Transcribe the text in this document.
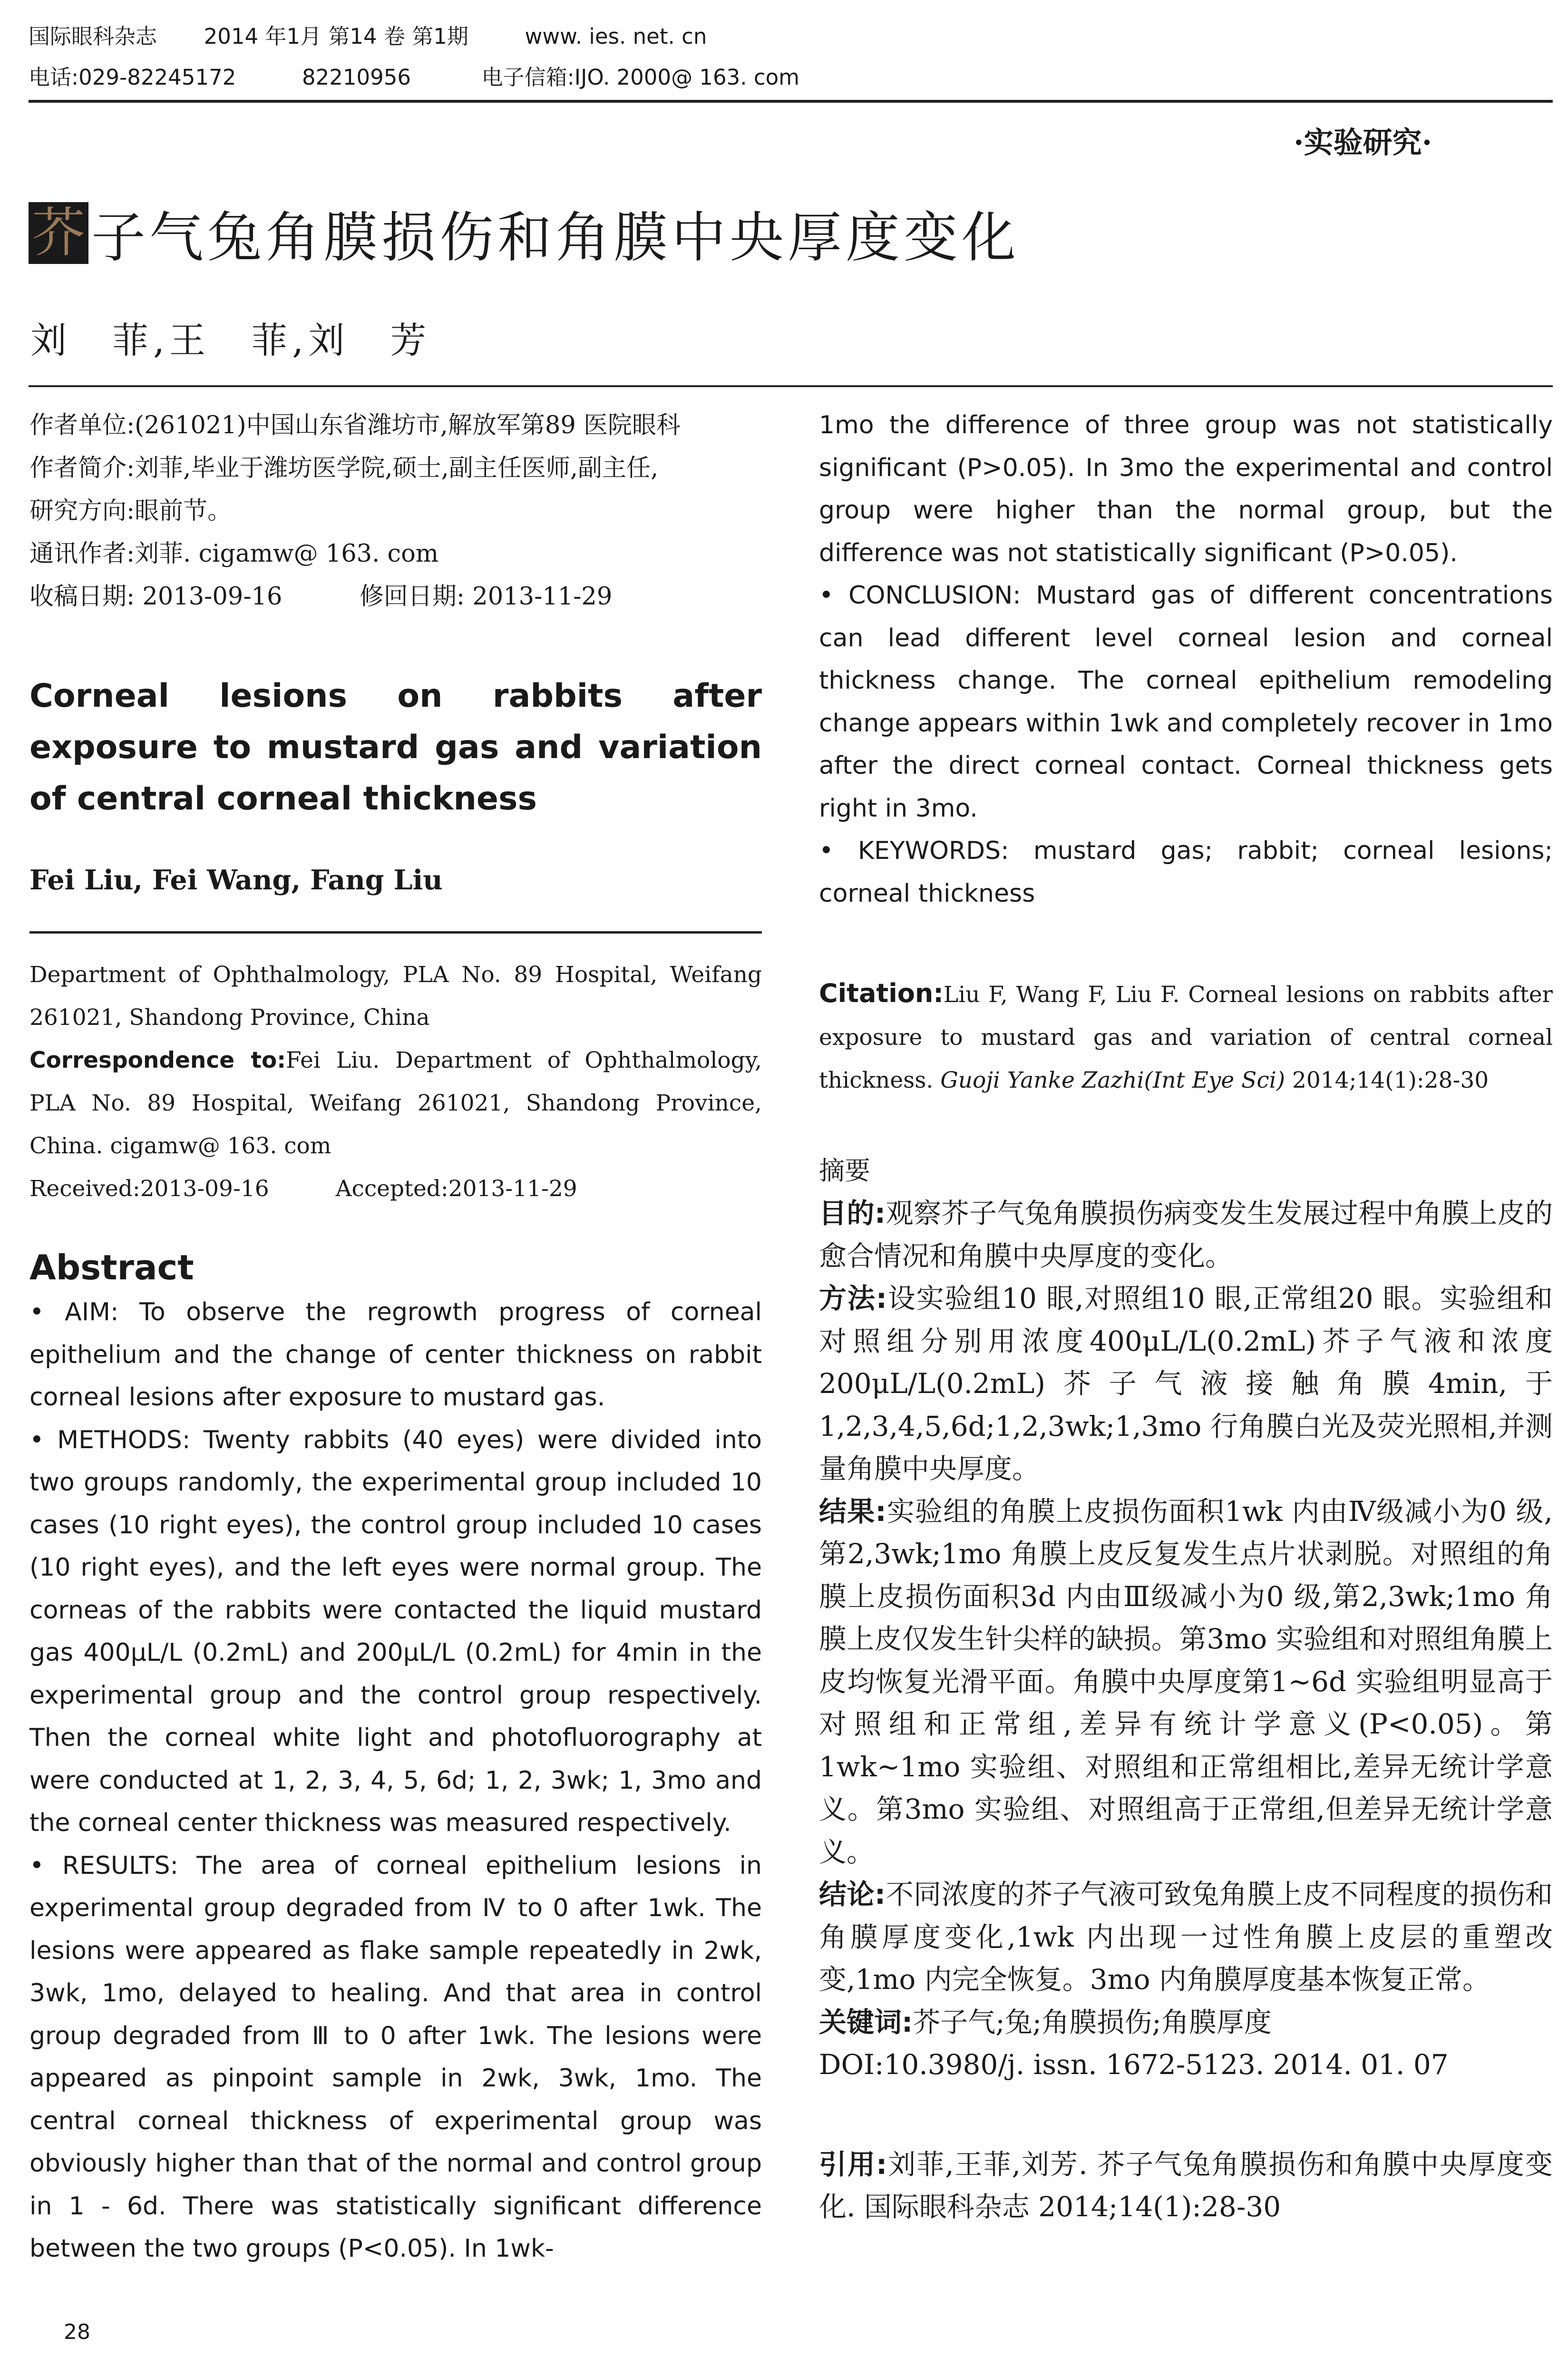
国际眼科杂志 2014 年1月 第14 卷 第1期	www. ies. net. cn
电话:029-82245172	82210956	电子信箱:IJO. 2000@ 163. com
·实验研究·
芥 子气兔角膜损伤和角膜中央厚度变化
刘　菲,王　菲,刘　芳
作者单位:(261021)中国山东省潍坊市,解放军第89 医院眼科
作者简介:刘菲,毕业于潍坊医学院,硕士,副主任医师,副主任,
研究方向:眼前节。
通讯作者:刘菲. cigamw@ 163. com
收稿日期: 2013-09-16	修回日期: 2013-11-29
Corneal lesions on rabbits after exposure to mustard gas and variation of central corneal thickness
Fei Liu, Fei Wang, Fang Liu

Department of Ophthalmology, PLA No. 89 Hospital, Weifang 261021, Shandong Province, China

Correspondence to:Fei Liu. Department of Ophthalmology, PLA No. 89 Hospital, Weifang 261021, Shandong Province, China. cigamw@ 163. com

Received:2013-09-16	Accepted:2013-11-29
Abstract

• AIM: To observe the regrowth progress of corneal epithelium and the change of center thickness on rabbit corneal lesions after exposure to mustard gas.

• METHODS: Twenty rabbits (40 eyes) were divided into two groups randomly, the experimental group included 10 cases (10 right eyes), the control group included 10 cases (10 right eyes), and the left eyes were normal group. The corneas of the rabbits were contacted the liquid mustard gas 400μL/L (0.2mL) and 200μL/L (0.2mL) for 4min in the experimental group and the control group respectively. Then the corneal white light and photofluorography at were conducted at 1, 2, 3, 4, 5, 6d; 1, 2, 3wk; 1, 3mo and the corneal center thickness was measured respectively.

• RESULTS: The area of corneal epithelium lesions in experimental group degraded from Ⅳ to 0 after 1wk. The lesions were appeared as flake sample repeatedly in 2wk, 3wk, 1mo, delayed to healing. And that area in control group degraded from Ⅲ to 0 after 1wk. The lesions were appeared as pinpoint sample in 2wk, 3wk, 1mo. The central corneal thickness of experimental group was obviously higher than that of the normal and control group in 1 - 6d. There was statistically significant difference between the two groups (P<0.05). In 1wk-

1mo the difference of three group was not statistically significant (P>0.05). In 3mo the experimental and control group were higher than the normal group, but the difference was not statistically significant (P>0.05).

• CONCLUSION: Mustard gas of different concentrations can lead different level corneal lesion and corneal thickness change. The corneal epithelium remodeling change appears within 1wk and completely recover in 1mo after the direct corneal contact. Corneal thickness gets right in 3mo.

• KEYWORDS: mustard gas; rabbit; corneal lesions; corneal thickness

Citation:Liu F, Wang F, Liu F. Corneal lesions on rabbits after exposure to mustard gas and variation of central corneal thickness. Guoji Yanke Zazhi(Int Eye Sci) 2014;14(1):28-30

摘要

目的:观察芥子气兔角膜损伤病变发生发展过程中角膜上皮的愈合情况和角膜中央厚度的变化。

方法:设实验组10 眼,对照组10 眼,正常组20 眼。实验组和对照组分别用浓度400μL/L(0.2mL)芥子气液和浓度200μL/L(0.2mL)芥子气液接触角膜4min,于1,2,3,4,5,6d;1,2,3wk;1,3mo 行角膜白光及荧光照相,并测量角膜中央厚度。

结果:实验组的角膜上皮损伤面积1wk 内由Ⅳ级减小为0 级,第2,3wk;1mo 角膜上皮反复发生点片状剥脱。对照组的角膜上皮损伤面积3d 内由Ⅲ级减小为0 级,第2,3wk;1mo 角膜上皮仅发生针尖样的缺损。第3mo 实验组和对照组角膜上皮均恢复光滑平面。角膜中央厚度第1~6d 实验组明显高于对照组和正常组,差异有统计学意义(P<0.05)。第1wk~1mo 实验组、对照组和正常组相比,差异无统计学意义。第3mo 实验组、对照组高于正常组,但差异无统计学意义。

结论:不同浓度的芥子气液可致兔角膜上皮不同程度的损伤和角膜厚度变化,1wk 内出现一过性角膜上皮层的重塑改变,1mo 内完全恢复。3mo 内角膜厚度基本恢复正常。

关键词:芥子气;兔;角膜损伤;角膜厚度

DOI:10.3980/j. issn. 1672-5123. 2014. 01. 07

引用:刘菲,王菲,刘芳. 芥子气兔角膜损伤和角膜中央厚度变化. 国际眼科杂志 2014;14(1):28-30

28
